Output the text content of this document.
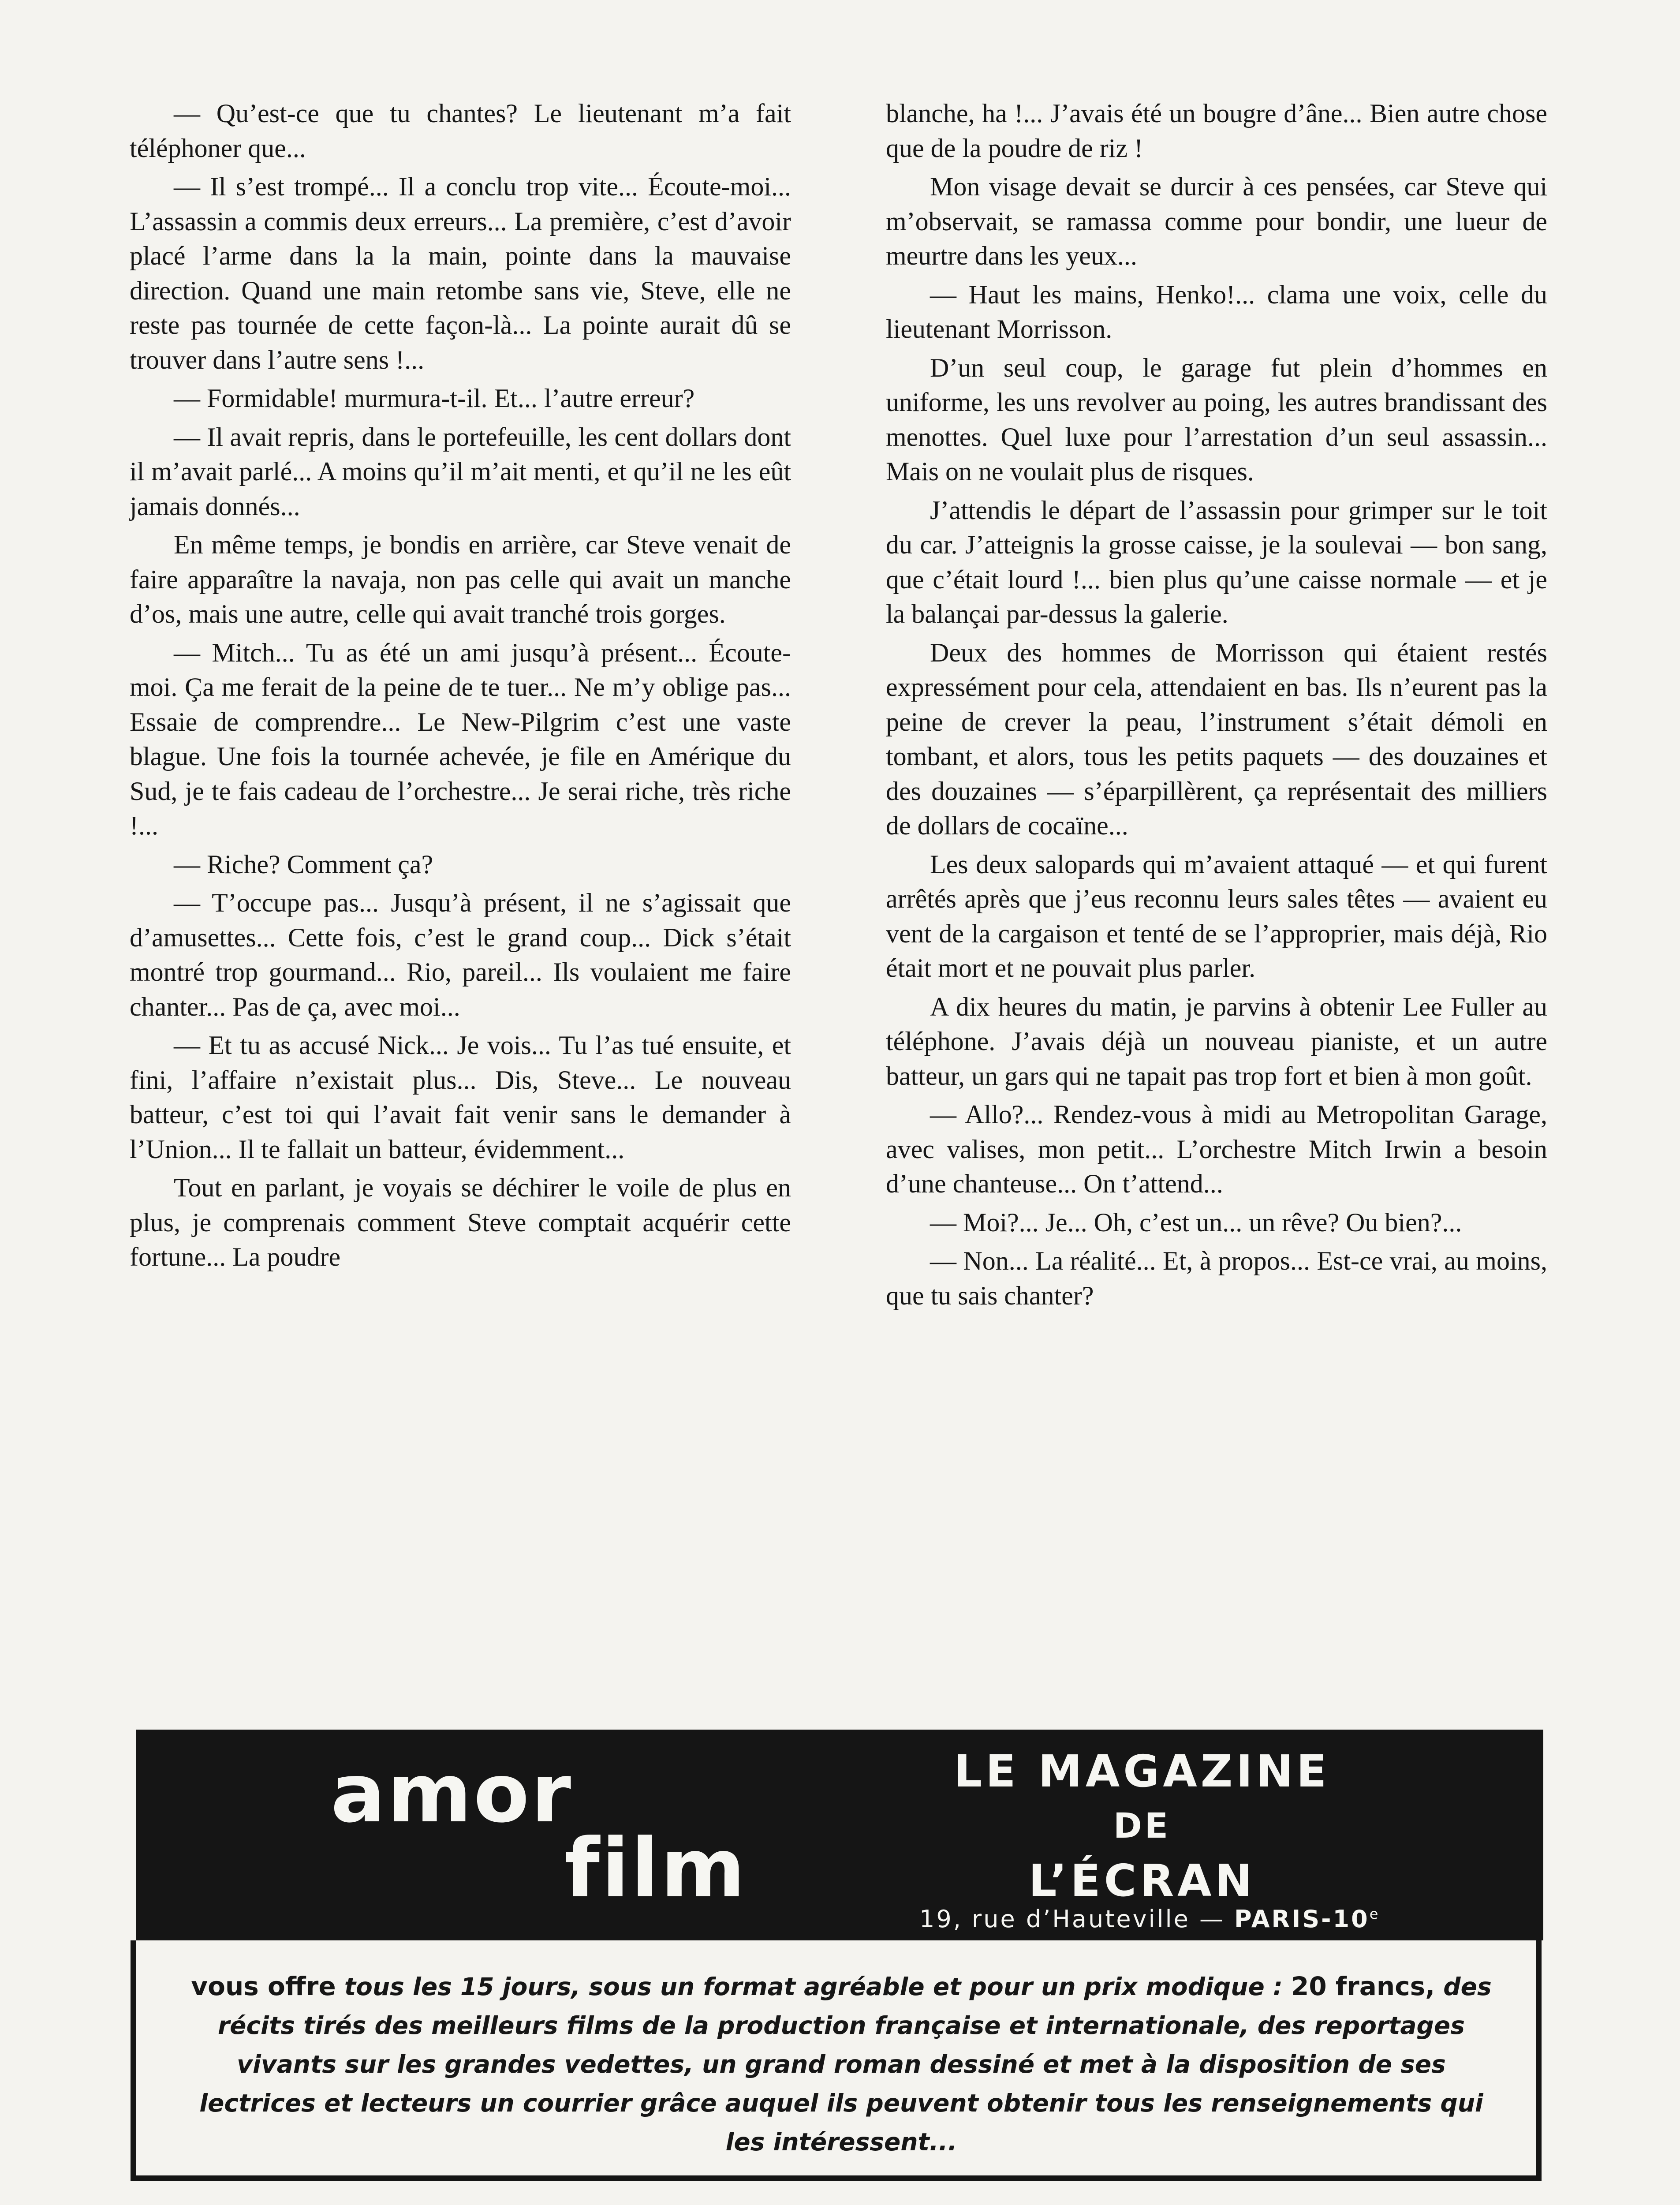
— Qu’est-ce que tu chantes? Le lieutenant m’a fait téléphoner que...

— Il s’est trompé... Il a conclu trop vite... Écoute-moi... L’assassin a commis deux erreurs... La première, c’est d’avoir placé l’arme dans la la main, pointe dans la mauvaise direction. Quand une main retombe sans vie, Steve, elle ne reste pas tournée de cette façon-là... La pointe aurait dû se trouver dans l’autre sens !...

— Formidable! murmura-t-il. Et... l’autre erreur?

— Il avait repris, dans le portefeuille, les cent dollars dont il m’avait parlé... A moins qu’il m’ait menti, et qu’il ne les eût jamais donnés...

En même temps, je bondis en arrière, car Steve venait de faire apparaître la navaja, non pas celle qui avait un manche d’os, mais une autre, celle qui avait tranché trois gorges.

— Mitch... Tu as été un ami jusqu’à présent... Écoute-moi. Ça me ferait de la peine de te tuer... Ne m’y oblige pas... Essaie de comprendre... Le New-Pilgrim c’est une vaste blague. Une fois la tournée achevée, je file en Amérique du Sud, je te fais cadeau de l’orchestre... Je serai riche, très riche !...

— Riche? Comment ça?

— T’occupe pas... Jusqu’à présent, il ne s’agissait que d’amusettes... Cette fois, c’est le grand coup... Dick s’était montré trop gourmand... Rio, pareil... Ils voulaient me faire chanter... Pas de ça, avec moi...

— Et tu as accusé Nick... Je vois... Tu l’as tué ensuite, et fini, l’affaire n’existait plus... Dis, Steve... Le nouveau batteur, c’est toi qui l’avait fait venir sans le demander à l’Union... Il te fallait un batteur, évidemment...

Tout en parlant, je voyais se déchirer le voile de plus en plus, je comprenais comment Steve comptait acquérir cette fortune... La poudre

blanche, ha !... J’avais été un bougre d’âne... Bien autre chose que de la poudre de riz !

Mon visage devait se durcir à ces pensées, car Steve qui m’observait, se ramassa comme pour bondir, une lueur de meurtre dans les yeux...

— Haut les mains, Henko!... clama une voix, celle du lieutenant Morrisson.

D’un seul coup, le garage fut plein d’hommes en uniforme, les uns revolver au poing, les autres brandissant des menottes. Quel luxe pour l’arrestation d’un seul assassin... Mais on ne voulait plus de risques.

J’attendis le départ de l’assassin pour grimper sur le toit du car. J’atteignis la grosse caisse, je la soulevai — bon sang, que c’était lourd !... bien plus qu’une caisse normale — et je la balançai par-dessus la galerie.

Deux des hommes de Morrisson qui étaient restés expressément pour cela, attendaient en bas. Ils n’eurent pas la peine de crever la peau, l’instrument s’était démoli en tombant, et alors, tous les petits paquets — des douzaines et des douzaines — s’éparpillèrent, ça représentait des milliers de dollars de cocaïne...

Les deux salopards qui m’avaient attaqué — et qui furent arrêtés après que j’eus reconnu leurs sales têtes — avaient eu vent de la cargaison et tenté de se l’approprier, mais déjà, Rio était mort et ne pouvait plus parler.

A dix heures du matin, je parvins à obtenir Lee Fuller au téléphone. J’avais déjà un nouveau pianiste, et un autre batteur, un gars qui ne tapait pas trop fort et bien à mon goût.

— Allo?... Rendez-vous à midi au Metropolitan Garage, avec valises, mon petit... L’orchestre Mitch Irwin a besoin d’une chanteuse... On t’attend...

— Moi?... Je... Oh, c’est un... un rêve? Ou bien?...

— Non... La réalité... Et, à propos... Est-ce vrai, au moins, que tu sais chanter?

amor
film
LE MAGAZINE
DE
L’ÉCRAN
19, rue d’Hauteville — PARIS-10e
vous offre tous les 15 jours, sous un format agréable et pour un prix modique : 20 francs, des récits tirés des meilleurs films de la production française et internationale, des reportages vivants sur les grandes vedettes, un grand roman dessiné et met à la disposition de ses lectrices et lecteurs un courrier grâce auquel ils peuvent obtenir tous les renseignements qui les intéressent...
